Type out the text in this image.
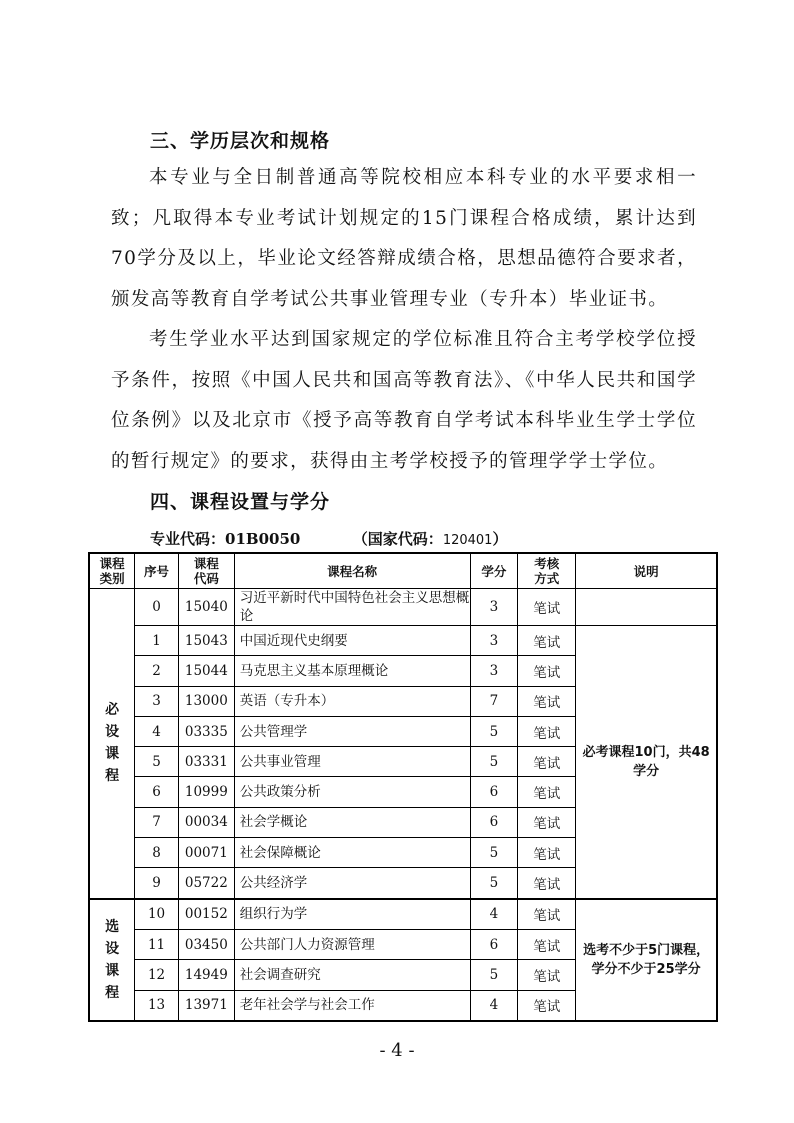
三、学历层次和规格

本专业与全日制普通高等院校相应本科专业的水平要求相一致；凡取得本专业考试计划规定的15门课程合格成绩，累计达到70学分及以上，毕业论文经答辩成绩合格，思想品德符合要求者，颁发高等教育自学考试公共事业管理专业（专升本）毕业证书。

考生学业水平达到国家规定的学位标准且符合主考学校学位授予条件，按照《中国人民共和国高等教育法》、《中华人民共和国学位条例》以及北京市《授予高等教育自学考试本科毕业生学士学位的暂行规定》的要求，获得由主考学校授予的管理学学士学位。

四、课程设置与学分
专业代码：01B0050	（国家代码：120401）
课程类别	序号	课程代码	课程名称	学分	考核方式	说明
必设课程	0	15040	习近平新时代中国特色社会主义思想概论	3	笔试	
	1	15043	中国近现代史纲要	3	笔试	必考课程10门，共48学分
	2	15044	马克思主义基本原理概论	3	笔试	
	3	13000	英语（专升本）	7	笔试	
	4	03335	公共管理学	5	笔试	
	5	03331	公共事业管理	5	笔试	
	6	10999	公共政策分析	6	笔试	
	7	00034	社会学概论	6	笔试	
	8	00071	社会保障概论	5	笔试	
	9	05722	公共经济学	5	笔试	
选设课程	10	00152	组织行为学	4	笔试	选考不少于5门课程，学分不少于25学分
	11	03450	公共部门人力资源管理	6	笔试	
	12	14949	社会调查研究	5	笔试	
	13	13971	老年社会学与社会工作	4	笔试	
- 4 -
